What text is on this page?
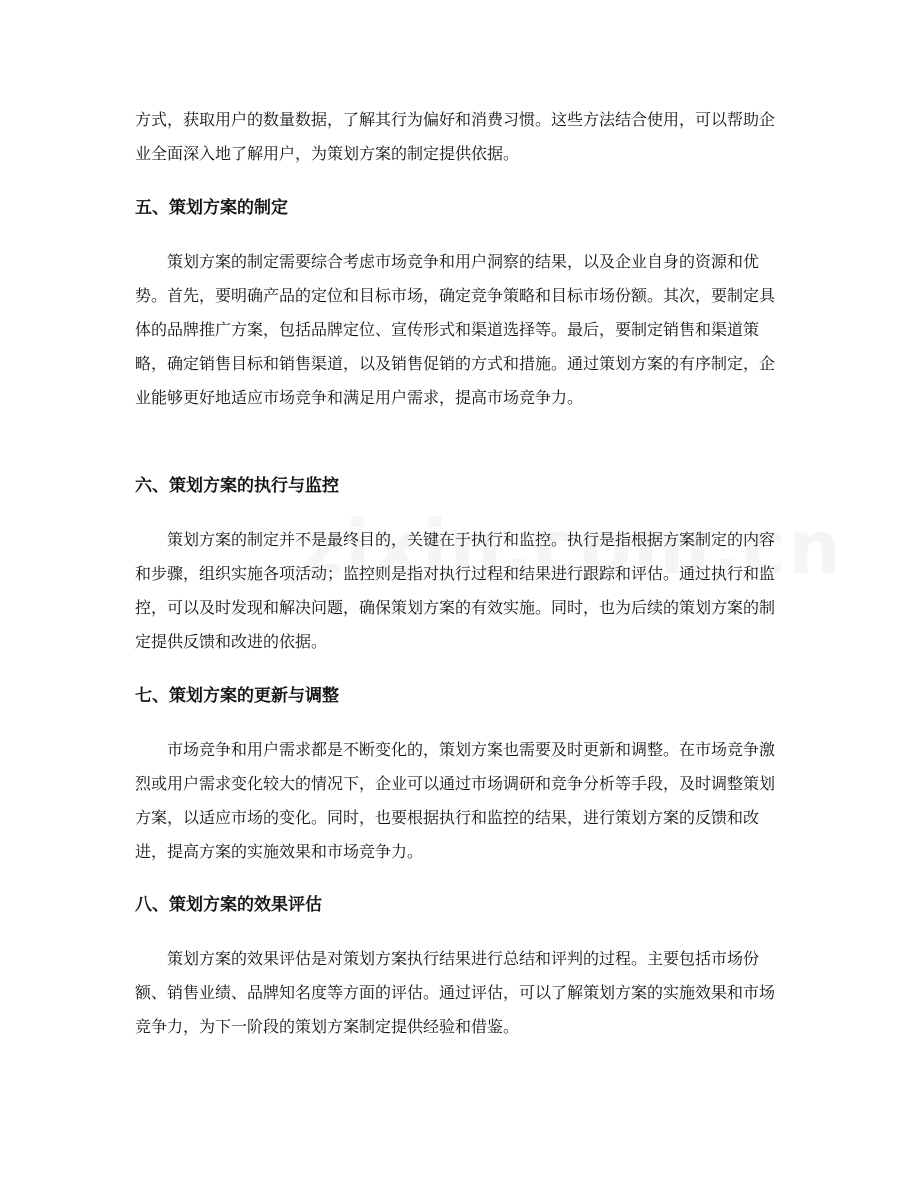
方式，获取用户的数量数据，了解其行为偏好和消费习惯。这些方法结合使用，可以帮助企业全面深入地了解用户，为策划方案的制定提供依据。

五、策划方案的制定

策划方案的制定需要综合考虑市场竞争和用户洞察的结果，以及企业自身的资源和优势。首先，要明确产品的定位和目标市场，确定竞争策略和目标市场份额。其次，要制定具体的品牌推广方案，包括品牌定位、宣传形式和渠道选择等。最后，要制定销售和渠道策略，确定销售目标和销售渠道，以及销售促销的方式和措施。通过策划方案的有序制定，企业能够更好地适应市场竞争和满足用户需求，提高市场竞争力。

六、策划方案的执行与监控

策划方案的制定并不是最终目的，关键在于执行和监控。执行是指根据方案制定的内容和步骤，组织实施各项活动；监控则是指对执行过程和结果进行跟踪和评估。通过执行和监控，可以及时发现和解决问题，确保策划方案的有效实施。同时，也为后续的策划方案的制定提供反馈和改进的依据。

七、策划方案的更新与调整

市场竞争和用户需求都是不断变化的，策划方案也需要及时更新和调整。在市场竞争激烈或用户需求变化较大的情况下，企业可以通过市场调研和竞争分析等手段，及时调整策划方案，以适应市场的变化。同时，也要根据执行和监控的结果，进行策划方案的反馈和改进，提高方案的实施效果和市场竞争力。

八、策划方案的效果评估

策划方案的效果评估是对策划方案执行结果进行总结和评判的过程。主要包括市场份额、销售业绩、品牌知名度等方面的评估。通过评估，可以了解策划方案的实施效果和市场竞争力，为下一阶段的策划方案制定提供经验和借鉴。
